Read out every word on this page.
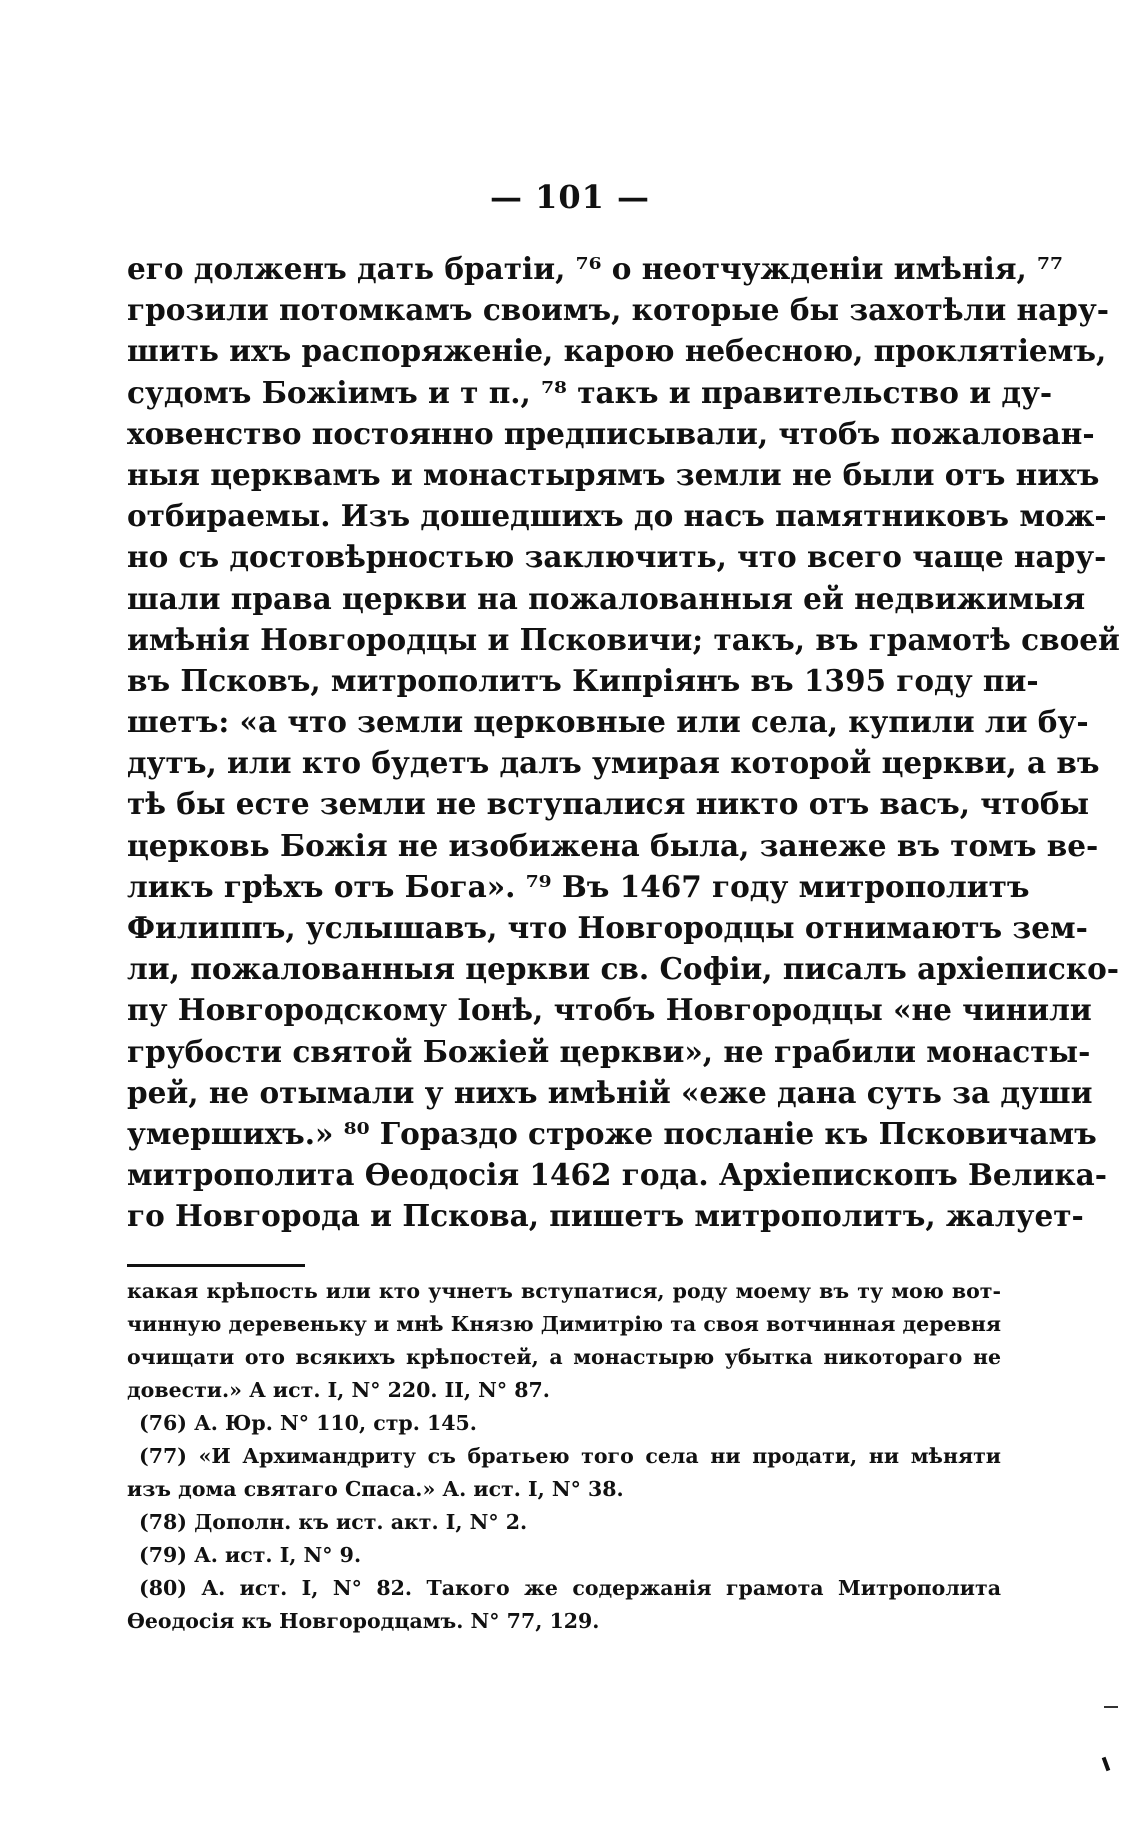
— 101 —
его долженъ дать братіи, ⁷⁶ о неотчужденіи имѣнія, ⁷⁷
грозили потомкамъ своимъ, которые бы захотѣли нару-
шить ихъ распоряженіе, карою небесною, проклятіемъ,
судомъ Божіимъ и т п., ⁷⁸ такъ и правительство и ду-
ховенство постоянно предписывали, чтобъ пожалован-
ныя церквамъ и монастырямъ земли не были отъ нихъ
отбираемы. Изъ дошедшихъ до насъ памятниковъ мож-
но съ достовѣрностью заключить, что всего чаще нару-
шали права церкви на пожалованныя ей недвижимыя
имѣнія Новгородцы и Псковичи; такъ, въ грамотѣ своей
въ Псковъ, митрополитъ Кипріянъ въ 1395 году пи-
шетъ: «а что земли церковные или села, купили ли бу-
дутъ, или кто будетъ далъ умирая которой церкви, а въ
тѣ бы есте земли не вступалися никто отъ васъ, чтобы
церковь Божія не изобижена была, занеже въ томъ ве-
ликъ грѣхъ отъ Бога». ⁷⁹ Въ 1467 году митрополитъ
Филиппъ, услышавъ, что Новгородцы отнимаютъ зем-
ли, пожалованныя церкви св. Софіи, писалъ архіеписко-
пу Новгородскому Іонѣ, чтобъ Новгородцы «не чинили
грубости святой Божіей церкви», не грабили монасты-
рей, не отымали у нихъ имѣній «еже дана суть за души
умершихъ.» ⁸⁰ Гораздо строже посланіе къ Псковичамъ
митрополита Өеодосія 1462 года. Архіепископъ Велика-
го Новгорода и Пскова, пишетъ митрополитъ, жалует-
какая крѣпость или кто учнетъ вступатися, роду моему въ ту мою вот-
чинную деревеньку и мнѣ Князю Димитрію та своя вотчинная деревня
очищати ото всякихъ крѣпостей, а монастырю убытка никотораго не
довести.» А ист. I, N° 220. II, N° 87.
(76) А. Юр. N° 110, стр. 145.
(77) «И Архимандриту съ братьею того села ни продати, ни мѣняти
изъ дома святаго Спаса.» А. ист. I, N° 38.
(78) Дополн. къ ист. акт. I, N° 2.
(79) А. ист. I, N° 9.
(80) А. ист. I, N° 82. Такого же содержанія грамота Митрополита
Өеодосія къ Новгородцамъ. N° 77, 129.
